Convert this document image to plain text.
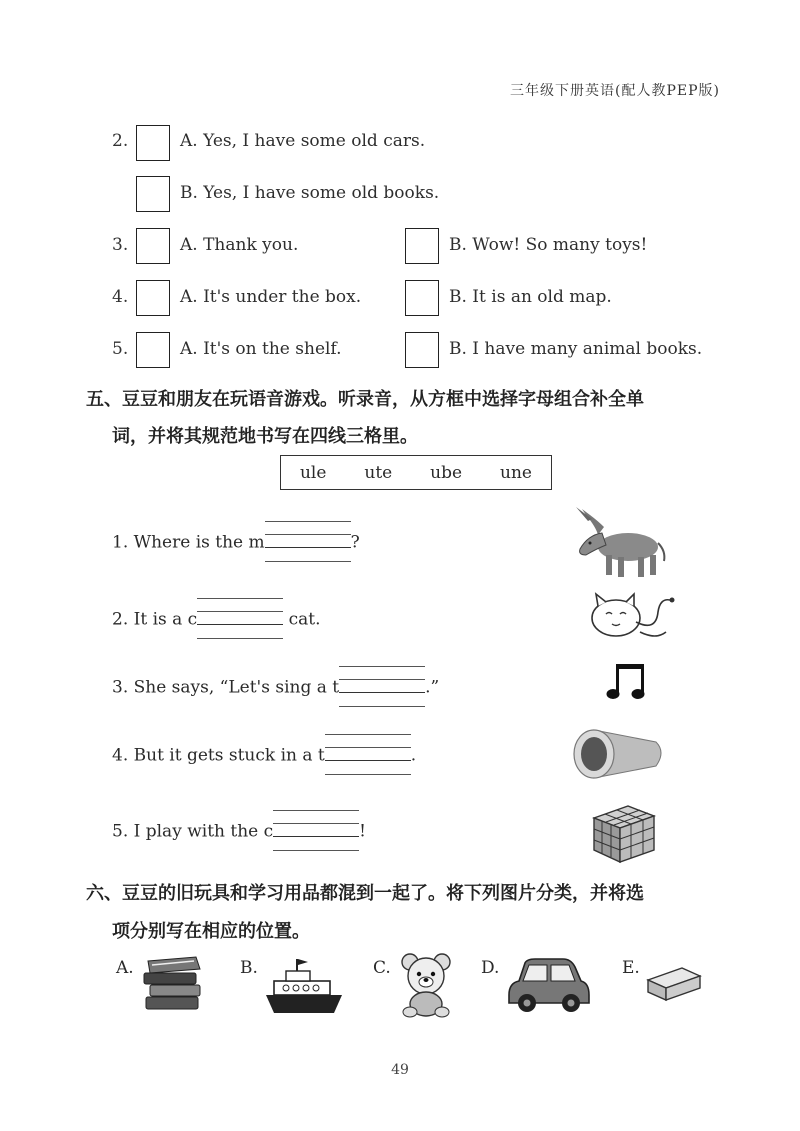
三年级下册英语(配人教PEP版)
2.	A. Yes, I have some old cars.
B. Yes, I have some old books.
3.	A. Thank you.	B. Wow! So many toys!
4.	A. It's under the box.	B. It is an old map.
5.	A. It's on the shelf.	B. I have many animal books.
五、豆豆和朋友在玩语音游戏。听录音，从方框中选择字母组合补全单
词，并将其规范地书写在四线三格里。
ule ute ube une
1. Where is the m	?
2. It is a c	cat.
3. She says, “Let's sing a t	.”
4. But it gets stuck in a t	.
5. I play with the c	!
六、豆豆的旧玩具和学习用品都混到一起了。将下列图片分类，并将选
项分别写在相应的位置。
A.	B.	C.	D.	E.
49
